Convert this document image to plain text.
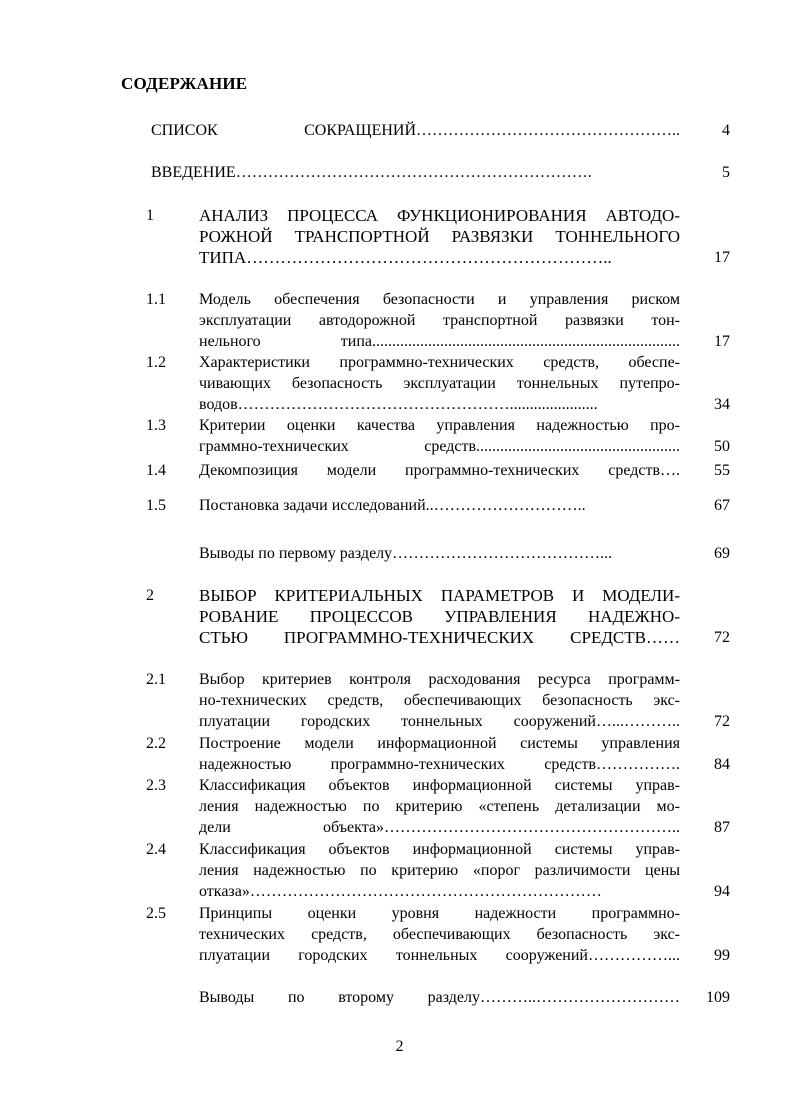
СОДЕРЖАНИЕ
СПИСОК СОКРАЩЕНИЙ…………………………………………..	4
ВВЕДЕНИЕ………………………………………………………….	5
1	АНАЛИЗ ПРОЦЕССА ФУНКЦИОНИРОВАНИЯ АВТОДО-
РОЖНОЙ ТРАНСПОРТНОЙ РАЗВЯЗКИ ТОННЕЛЬНОГО
ТИПА………………………………………………………..	17
1.1	Модель обеспечения безопасности и управления риском
эксплуатации автодорожной транспортной развязки тон-
нельного типа.............................................................................	17
1.2	Характеристики программно-технических средств, обеспе-
чивающих безопасность эксплуатации тоннельных путепро-
водов……………………………………………......................	34
1.3	Критерии оценки качества управления надежностью про-
граммно-технических средств...................................................	50
1.4	Декомпозиция модели программно-технических средств….	55
1.5	Постановка задачи исследований..………………………..	67
Выводы по первому разделу…………………………………...	69
2	ВЫБОР КРИТЕРИАЛЬНЫХ ПАРАМЕТРОВ И МОДЕЛИ-
РОВАНИЕ ПРОЦЕССОВ УПРАВЛЕНИЯ НАДЕЖНО-
СТЬЮ ПРОГРАММНО-ТЕХНИЧЕСКИХ СРЕДСТВ……	72
2.1	Выбор критериев контроля расходования ресурса программ-
но-технических средств, обеспечивающих безопасность экс-
плуатации городских тоннельных сооружений…...………..	72
2.2	Построение модели информационной системы управления
надежностью программно-технических средств…………….	84
2.3	Классификация объектов информационной системы управ-
ления надежностью по критерию «степень детализации мо-
дели объекта»………………………………………………..	87
2.4	Классификация объектов информационной системы управ-
ления надежностью по критерию «порог различимости цены
отказа»…………………………………………………………	94
2.5	Принципы оценки уровня надежности программно-
технических средств, обеспечивающих безопасность экс-
плуатации городских тоннельных сооружений……………...	99
Выводы по второму разделу………..………………………	109
2
